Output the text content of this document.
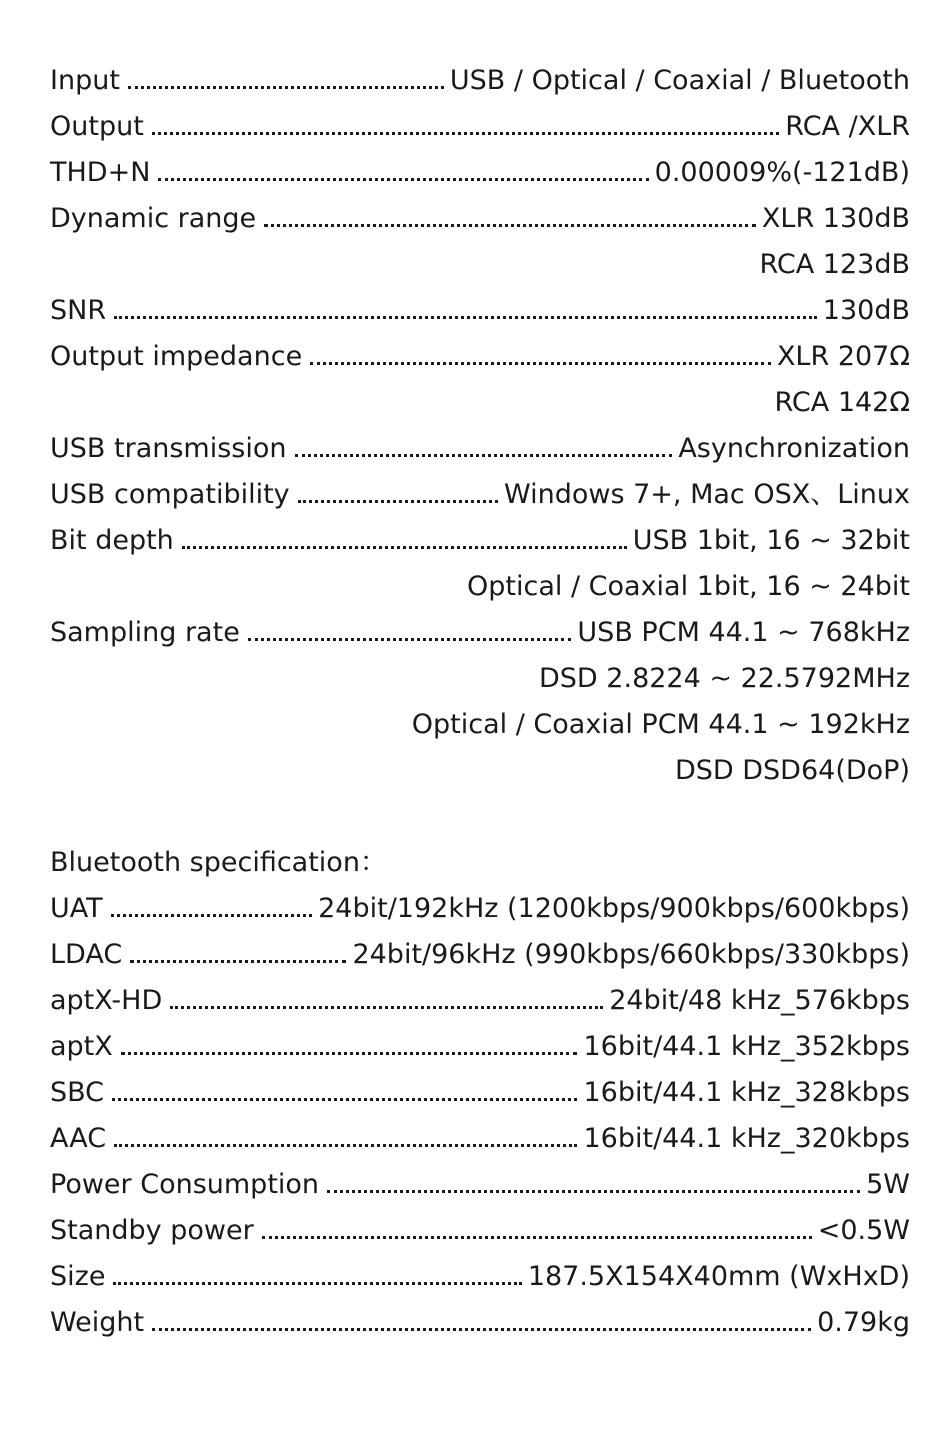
Input	USB / Optical / Coaxial / Bluetooth
Output	RCA /XLR
THD+N	0.00009%(-121dB)
Dynamic range	XLR 130dB
RCA 123dB
SNR	130dB
Output impedance	XLR 207Ω
RCA 142Ω
USB transmission	Asynchronization
USB compatibility	Windows 7+, Mac OSX、Linux
Bit depth	USB 1bit, 16 ~ 32bit
Optical / Coaxial 1bit, 16 ~ 24bit
Sampling rate	USB PCM 44.1 ~ 768kHz
DSD 2.8224 ~ 22.5792MHz
Optical / Coaxial PCM 44.1 ~ 192kHz
DSD DSD64(DoP)
Bluetooth specification：
UAT	24bit/192kHz (1200kbps/900kbps/600kbps)
LDAC	24bit/96kHz (990kbps/660kbps/330kbps)
aptX-HD	24bit/48 kHz_576kbps
aptX	16bit/44.1 kHz_352kbps
SBC	16bit/44.1 kHz_328kbps
AAC	16bit/44.1 kHz_320kbps
Power Consumption	5W
Standby power	<0.5W
Size	187.5X154X40mm (WxHxD)
Weight	0.79kg
